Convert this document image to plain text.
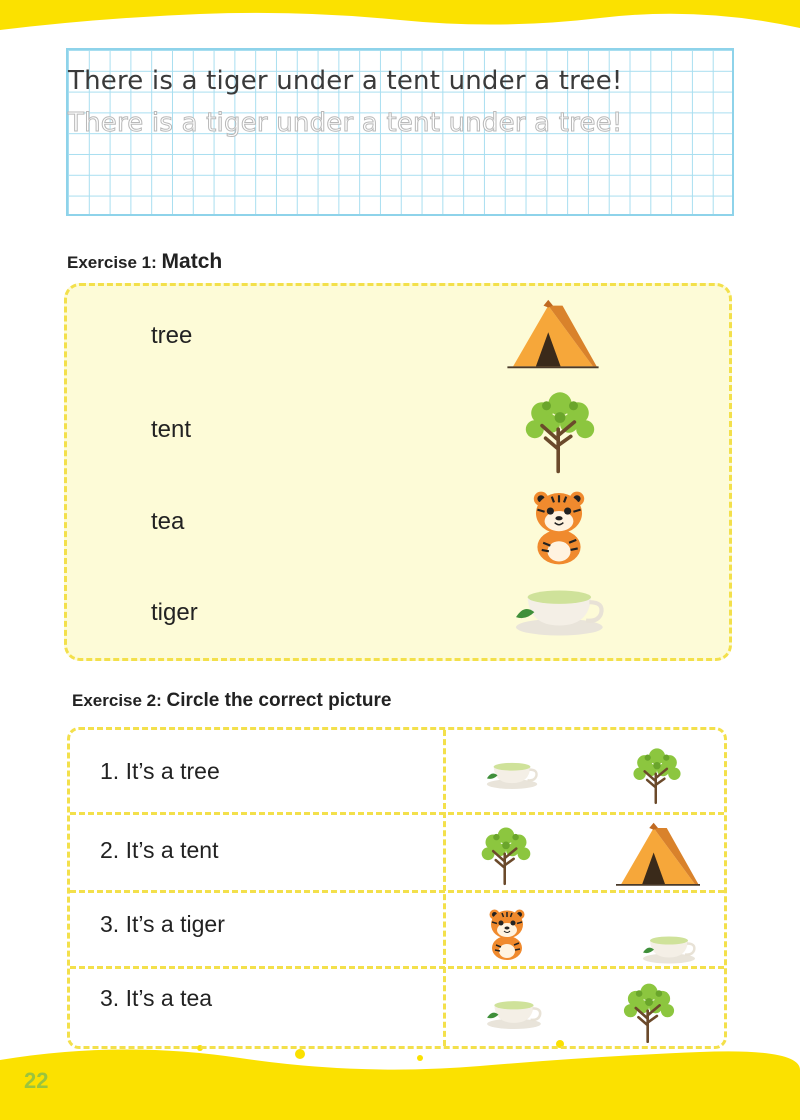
There is a tiger under a tent under a tree!
There is a tiger under a tent under a tree!
Exercise 1: Match
tree
tent
tea
tiger
Exercise 2: Circle the correct picture
1. It’s a tree
2. It’s a tent
3. It’s a tiger
3. It’s a tea
22
